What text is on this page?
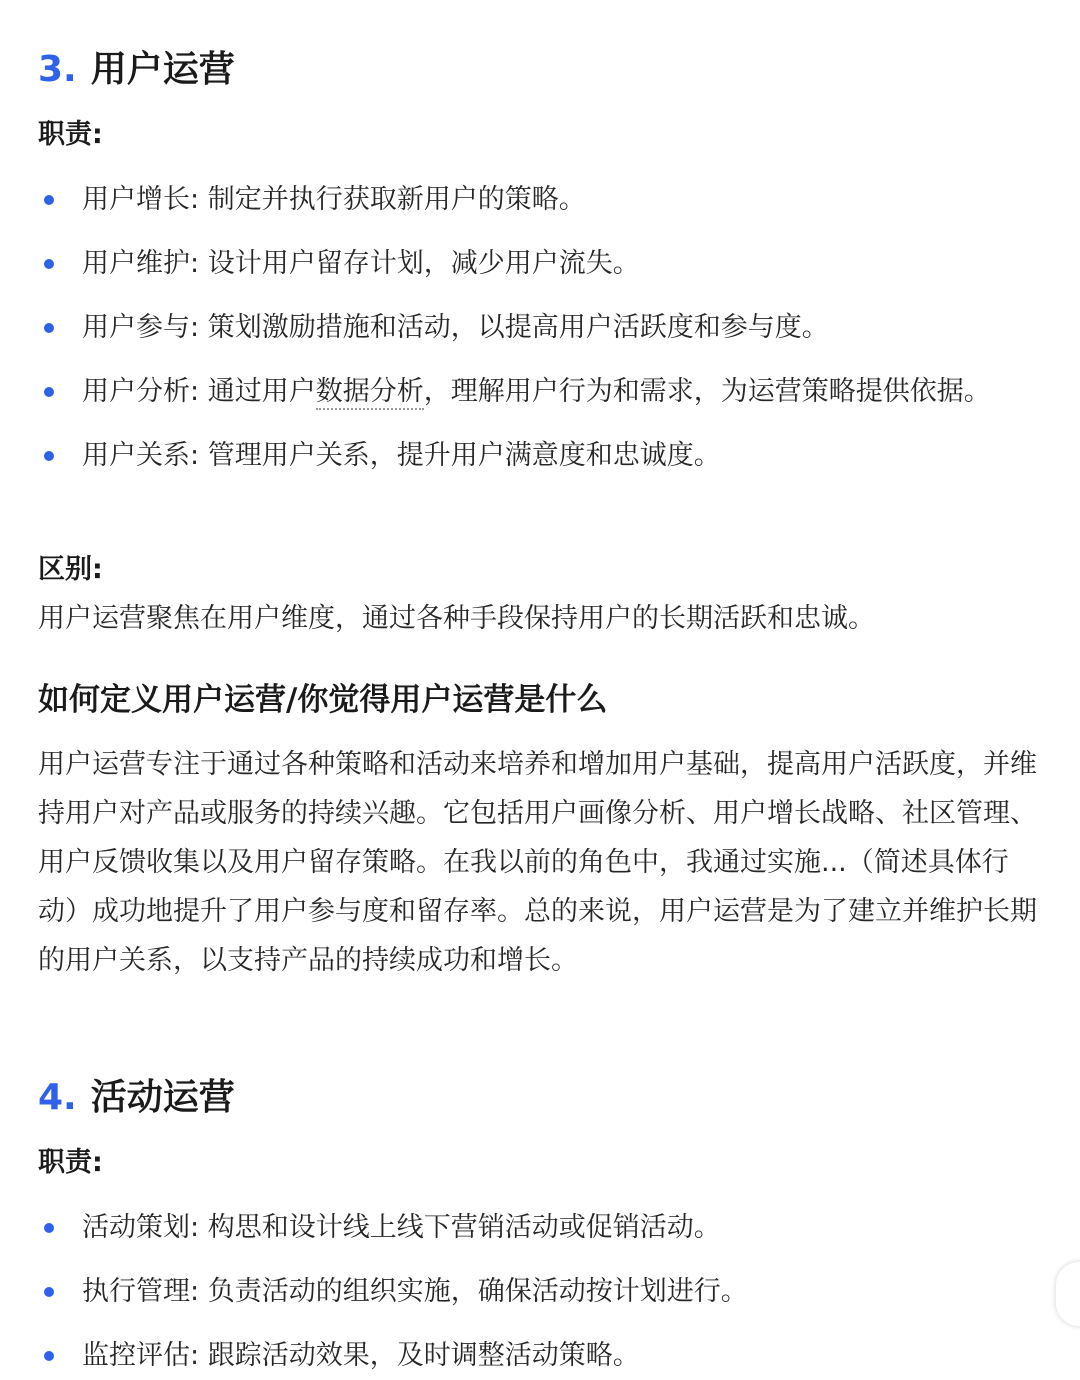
3. 用户运营
职责:
用户增长: 制定并执行获取新用户的策略。
用户维护: 设计用户留存计划，减少用户流失。
用户参与: 策划激励措施和活动，以提高用户活跃度和参与度。
用户分析: 通过用户数据分析，理解用户行为和需求，为运营策略提供依据。
用户关系: 管理用户关系，提升用户满意度和忠诚度。
区别:

用户运营聚焦在用户维度，通过各种手段保持用户的长期活跃和忠诚。

如何定义用户运营/你觉得用户运营是什么

用户运营专注于通过各种策略和活动来培养和增加用户基础，提高用户活跃度，并维持用户对产品或服务的持续兴趣。它包括用户画像分析、用户增长战略、社区管理、用户反馈收集以及用户留存策略。在我以前的角色中，我通过实施...（简述具体行动）成功地提升了用户参与度和留存率。总的来说，用户运营是为了建立并维护长期的用户关系，以支持产品的持续成功和增长。

4. 活动运营
职责:
活动策划: 构思和设计线上线下营销活动或促销活动。
执行管理: 负责活动的组织实施，确保活动按计划进行。
监控评估: 跟踪活动效果，及时调整活动策略。
